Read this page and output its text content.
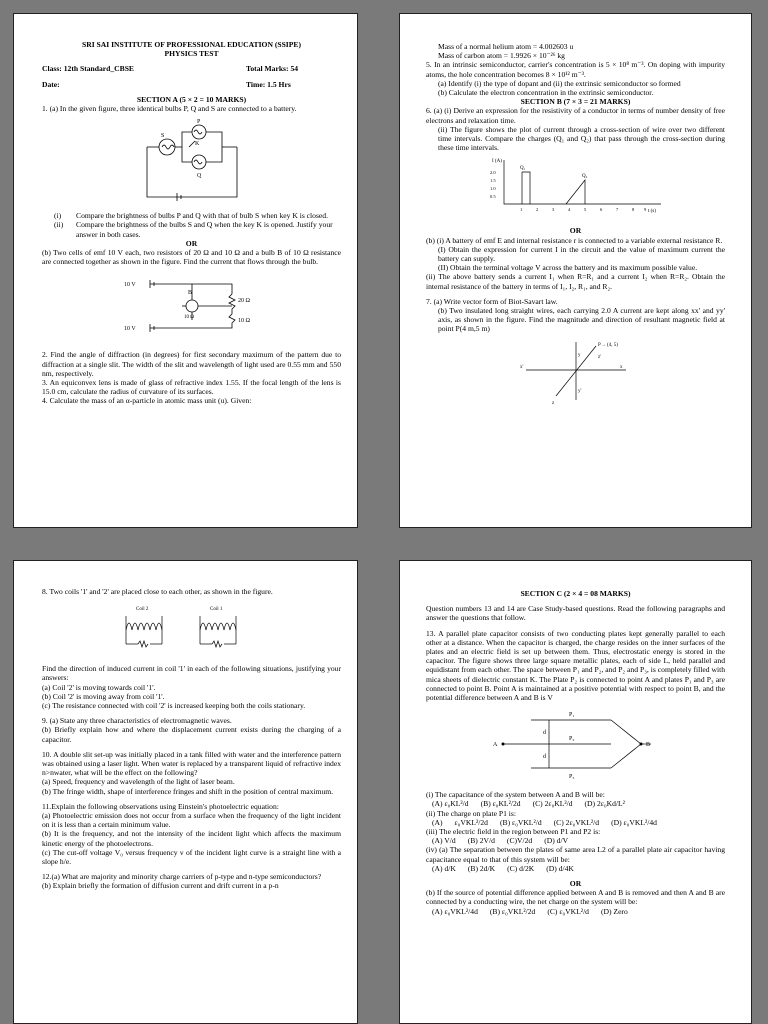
SRI SAI INSTITUTE OF PROFESSIONAL EDUCATION (SSIPE)

PHYSICS TEST

Class: 12th Standard_CBSE	Total Marks: 54
Date:	Time: 1.5 Hrs

SECTION A (5 × 2 = 10 MARKS)

1. (a) In the given figure, three identical bulbs P, Q and S are connected to a battery.

P
K
S
Q
(i)	Compare the brightness of bulbs P and Q with that of bulb S when key K is closed.
(ii)	Compare the brightness of the bulbs S and Q when the key K is opened. Justify your answer in both cases.

OR

(b) Two cells of emf 10 V each, two resistors of 20 Ω and 10 Ω and a bulb B of 10 Ω resistance are connected together as shown in the figure. Find the current that flows through the bulb.

10 V
10 V
B
20 Ω
10 Ω
10 Ω

2. Find the angle of diffraction (in degrees) for first secondary maximum of the pattern due to diffraction at a single slit. The width of the slit and wavelength of light used are 0.55 mm and 550 nm, respectively.

3. An equiconvex lens is made of glass of refractive index 1.55. If the focal length of the lens is 15.0 cm, calculate the radius of curvature of its surfaces.

4. Calculate the mass of an α-particle in atomic mass unit (u). Given:

Mass of a normal helium atom = 4.002603 u

Mass of carbon atom = 1.9926 × 10⁻²⁶ kg

5. In an intrinsic semiconductor, carrier's concentration is 5 × 10⁸ m⁻³. On doping with impurity atoms, the hole concentration becomes 8 × 10¹² m⁻³.

(a) Identify (i) the type of dopant and (ii) the extrinsic semiconductor so formed

(b) Calculate the electron concentration in the extrinsic semiconductor.

SECTION B (7 × 3 = 21 MARKS)

6. (a) (i) Derive an expression for the resistivity of a conductor in terms of number density of free electrons and relaxation time.

(ii) The figure shows the plot of current through a cross-section of wire over two different time intervals. Compare the charges (Q₁ and Q₂) that pass through the cross-section during these time intervals.

I (A)
t (s)
Q₁
Q₂
2.0
1.5
1.0
0.5
1	2	3	4	5	6	7	8 9

OR

(b) (i) A battery of emf E and internal resistance r is connected to a variable external resistance R.

(I) Obtain the expression for current I in the circuit and the value of maximum current the battery can supply.

(II) Obtain the terminal voltage V across the battery and its maximum possible value.

(ii) The above battery sends a current I₁ when R=R₁ and a current I₂ when R=R₂. Obtain the internal resistance of the battery in terms of I₁, I₂, R₁, and R₂.

7. (a) Write vector form of Biot-Savart law.

(b) Two insulated long straight wires, each carrying 2.0 A current are kept along xx' and yy' axis, as shown in the figure. Find the magnitude and direction of resultant magnetic field at point P(4 m,5 m)

P→ (4, 5)
y
y'
x
x'
z
z'

8. Two coils '1' and '2' are placed close to each other, as shown in the figure.

Coil 2	Coil 1

Find the direction of induced current in coil '1' in each of the following situations, justifying your answers:

(a) Coil '2' is moving towards coil '1'.

(b) Coil '2' is moving away from coil '1'.

(c) The resistance connected with coil '2' is increased keeping both the coils stationary.

9. (a) State any three characteristics of electromagnetic waves.

(b) Briefly explain how and where the displacement current exists during the charging of a capacitor.

10. A double slit set-up was initially placed in a tank filled with water and the interference pattern was obtained using a laser light. When water is replaced by a transparent liquid of refractive index n>nwater, what will be the effect on the following?

(a) Speed, frequency and wavelength of the light of laser beam.

(b) The fringe width, shape of interference fringes and shift in the position of central maximum.

11.Explain the following observations using Einstein's photoelectric equation:

(a) Photoelectric emission does not occur from a surface when the frequency of the light incident on it is less than a certain minimum value.

(b) It is the frequency, and not the intensity of the incident light which affects the maximum kinetic energy of the photoelectrons.

(c) The cut-off voltage V₀ versus frequency ν of the incident light curve is a straight line with a slope h/e.

12.(a) What are majority and minority charge carriers of p-type and n-type semiconductors?

(b) Explain briefly the formation of diffusion current and drift current in a p-n

SECTION C (2 × 4 = 08 MARKS)

Question numbers 13 and 14 are Case Study-based questions. Read the following paragraphs and answer the questions that follow.

13. A parallel plate capacitor consists of two conducting plates kept generally parallel to each other at a distance. When the capacitor is charged, the charge resides on the inner surfaces of the plates and an electric field is set up between them. Thus, electrostatic energy is stored in the capacitor. The figure shows three large square metallic plates, each of side L, held parallel and equidistant from each other. The space between P₁ and P₂, and P₂ and P₃, is completely filled with mica sheets of dielectric constant K. The Plate P₂ is connected to point A and plates P₁ and P₃ are connected to point B. Point A is maintained at a positive potential with respect to point B, and the potential difference between A and B is V

P₁
P₂
P₃
A	B
d
d

(i) The capacitance of the system between A and B will be:

(A) ε₀KL²/d (B) ε₀KL²/2d (C) 2ε₀KL²/d (D) 2ε₀Kd/L²

(ii) The charge on plate P1 is:

(A) ε₀VKL²/2d (B) ε₀VKL²/d (C) 2ε₀VKL²/d (D) ε₀VKL²/4d

(iii) The electric field in the region between P1 and P2 is:

(A) V/d (B) 2V/d (C)V/2d (D) d/V

(iv) (a) The separation between the plates of same area L2 of a parallel plate air capacitor having capacitance equal to that of this system will be:

(A) d/K (B) 2d/K (C) d/2K (D) d/4K

OR

(b) If the source of potential difference applied between A and B is removed and then A and B are connected by a conducting wire, the net charge on the system will be:

(A) ε₀VKL²/4d (B) ε₀VKL²/2d (C) ε₀VKL²/d (D) Zero
